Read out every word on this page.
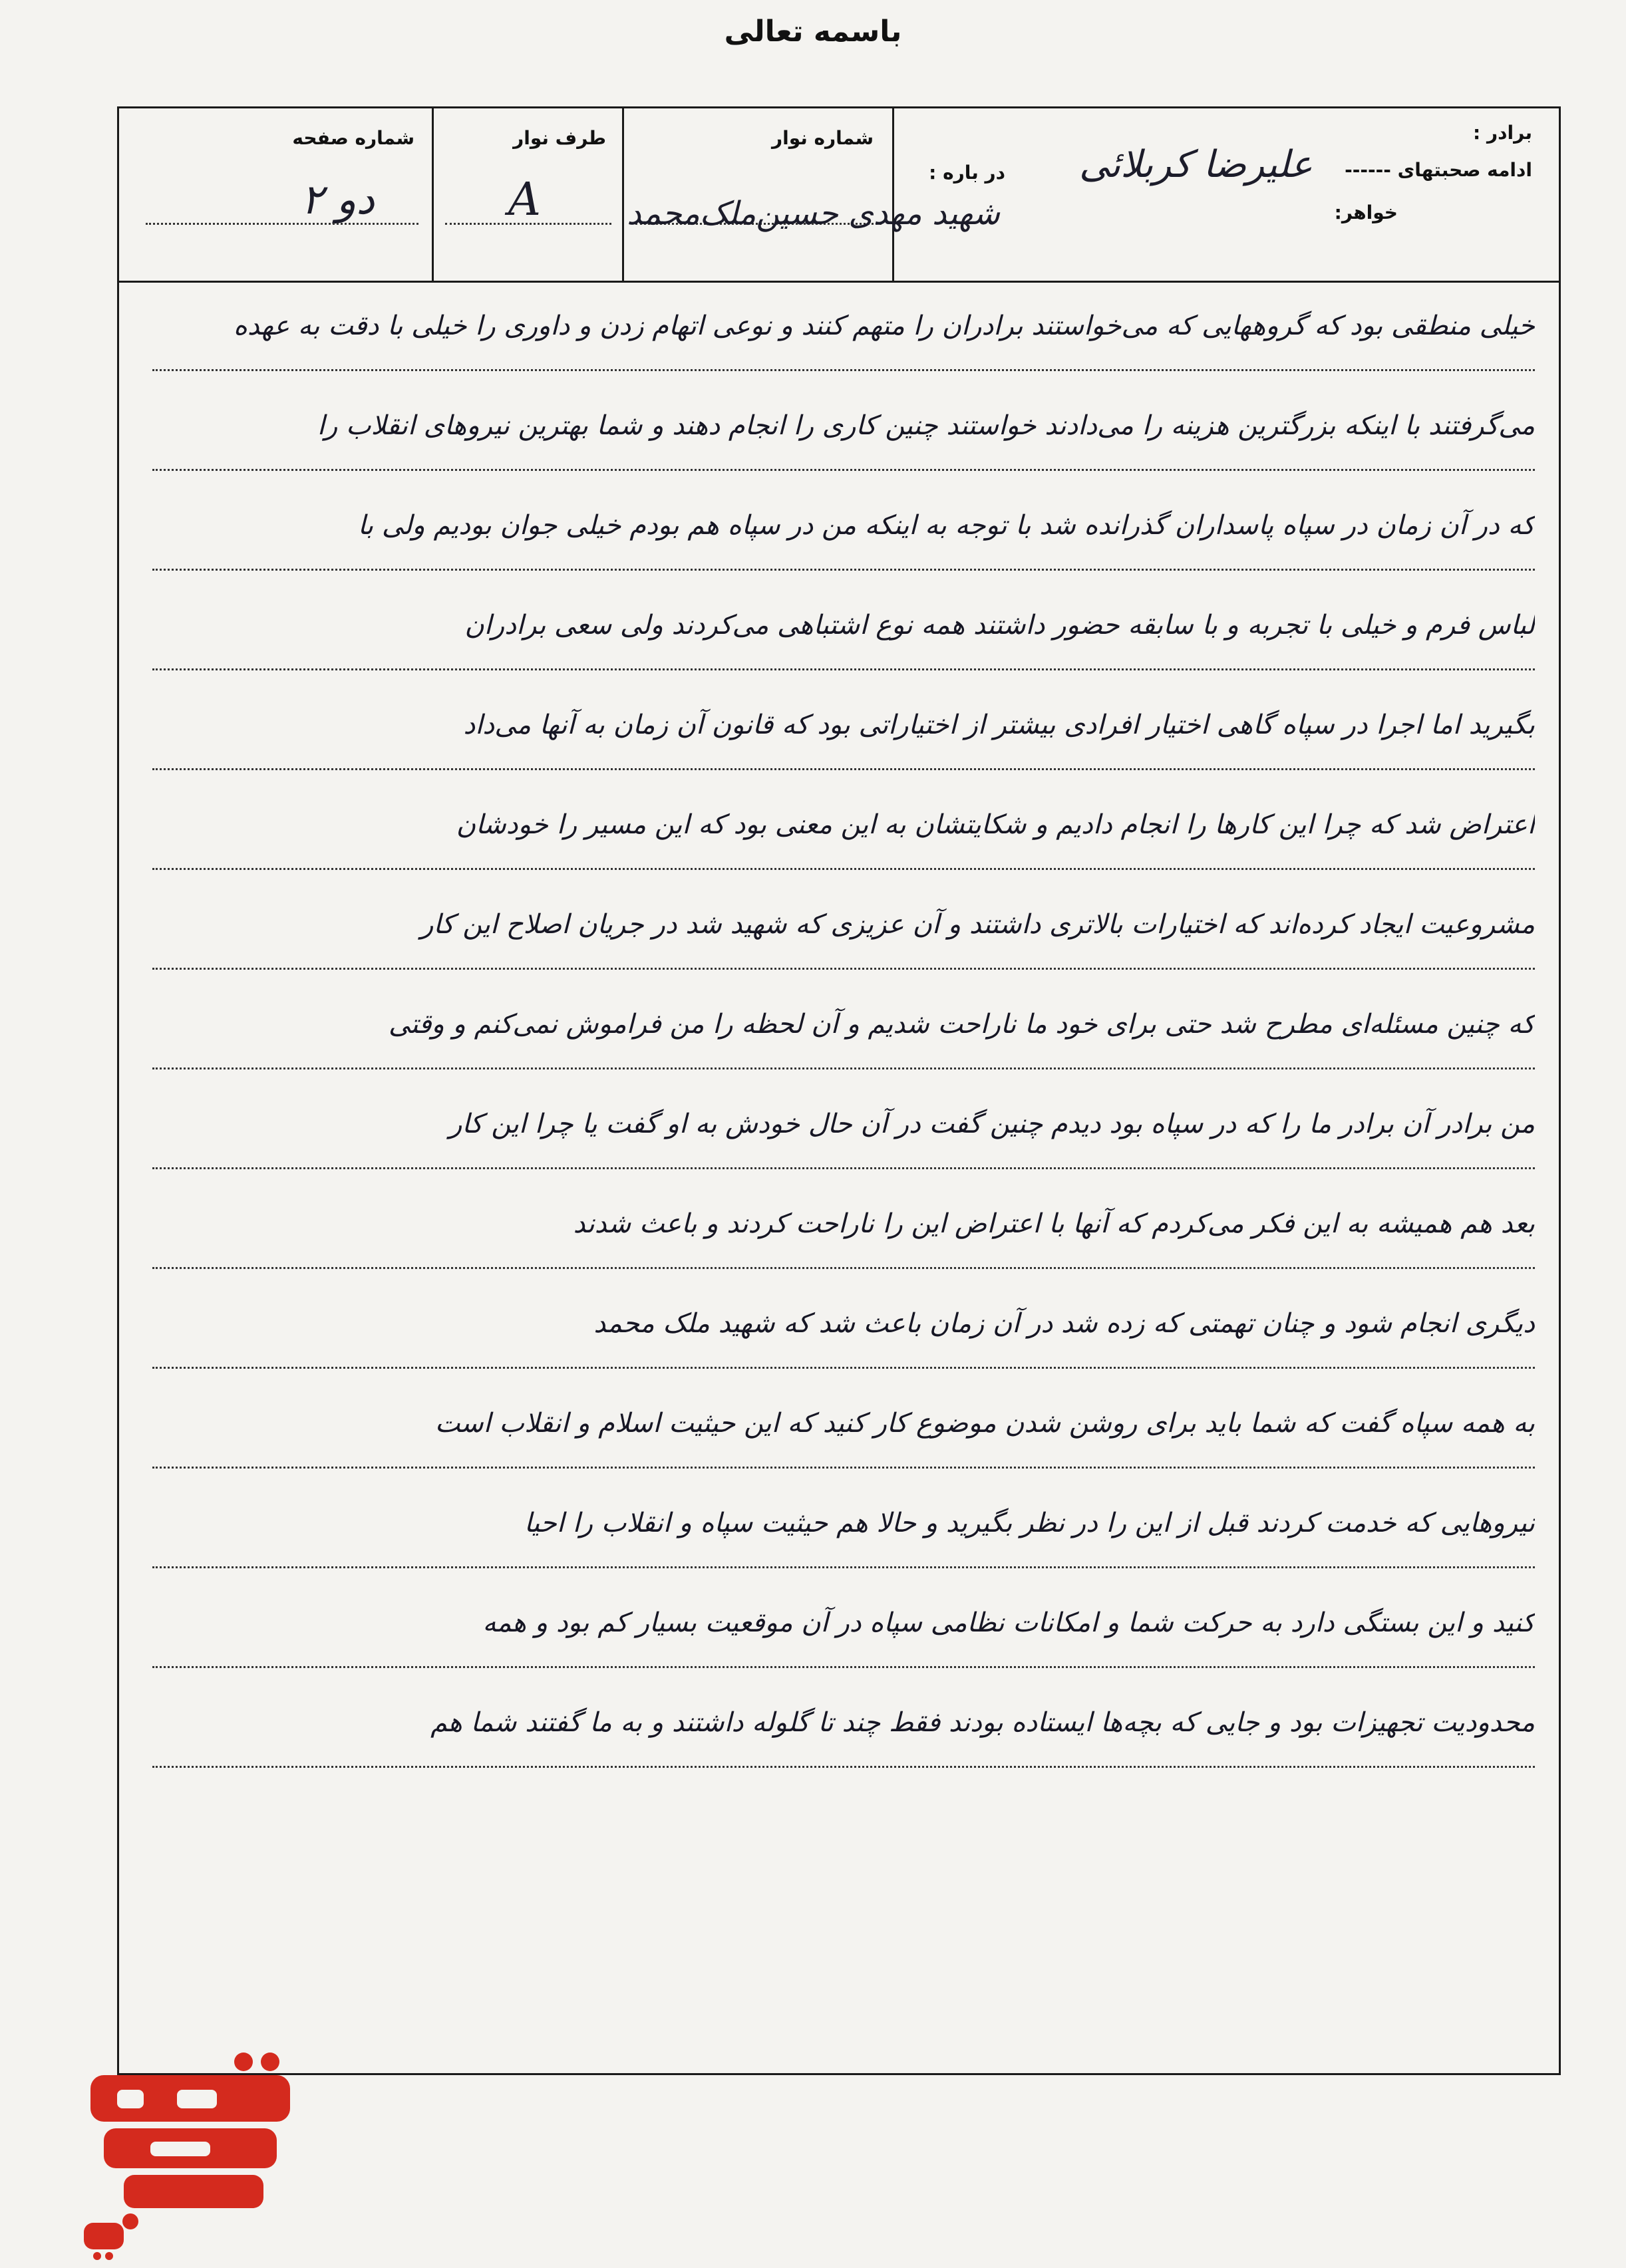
باسمه تعالی
شماره صفحه
دو ۲
طرف نوار
A
شماره نوار
در باره :
شهید مهدی حسین‌ملک‌محمد
برادر :
ادامه صحبتهای ------
خواهر:
علیرضا کربلائی
خیلی منطقی بود که گروههایی که می‌خواستند برادران را متهم کنند و نوعی اتهام زدن و داوری را خیلی با دقت به عهده
می‌گرفتند با اینکه بزرگترین هزینه را می‌دادند خواستند چنین کاری را انجام دهند و شما بهترین نیروهای انقلاب را
که در آن زمان در سپاه پاسداران گذرانده شد با توجه به اینکه من در سپاه هم بودم خیلی جوان بودیم ولی با
لباس فرم و خیلی با تجربه و با سابقه حضور داشتند همه نوع اشتباهی می‌کردند ولی سعی برادران
بگیرید اما اجرا در سپاه گاهی اختیار افرادی بیشتر از اختیاراتی بود که قانون آن زمان به آنها می‌داد
اعتراض شد که چرا این کارها را انجام دادیم و شکایتشان به این معنی بود که این مسیر را خودشان
مشروعیت ایجاد کرده‌اند که اختیارات بالاتری داشتند و آن عزیزی که شهید شد در جریان اصلاح این کار
که چنین مسئله‌ای مطرح شد حتی برای خود ما ناراحت شدیم و آن لحظه را من فراموش نمی‌کنم و وقتی
من برادر آن برادر ما را که در سپاه بود دیدم چنین گفت در آن حال خودش به او گفت یا چرا این کار
بعد هم همیشه به این فکر می‌کردم که آنها با اعتراض این را ناراحت کردند و باعث شدند
دیگری انجام شود و چنان تهمتی که زده شد در آن زمان باعث شد که شهید ملک محمد
به همه سپاه گفت که شما باید برای روشن شدن موضوع کار کنید که این حیثیت اسلام و انقلاب است
نیروهایی که خدمت کردند قبل از این را در نظر بگیرید و حالا هم حیثیت سپاه و انقلاب را احیا
کنید و این بستگی دارد به حرکت شما و امکانات نظامی سپاه در آن موقعیت بسیار کم بود و همه
محدودیت تجهیزات بود و جایی که بچه‌ها ایستاده بودند فقط چند تا گلوله داشتند و به ما گفتند شما هم
